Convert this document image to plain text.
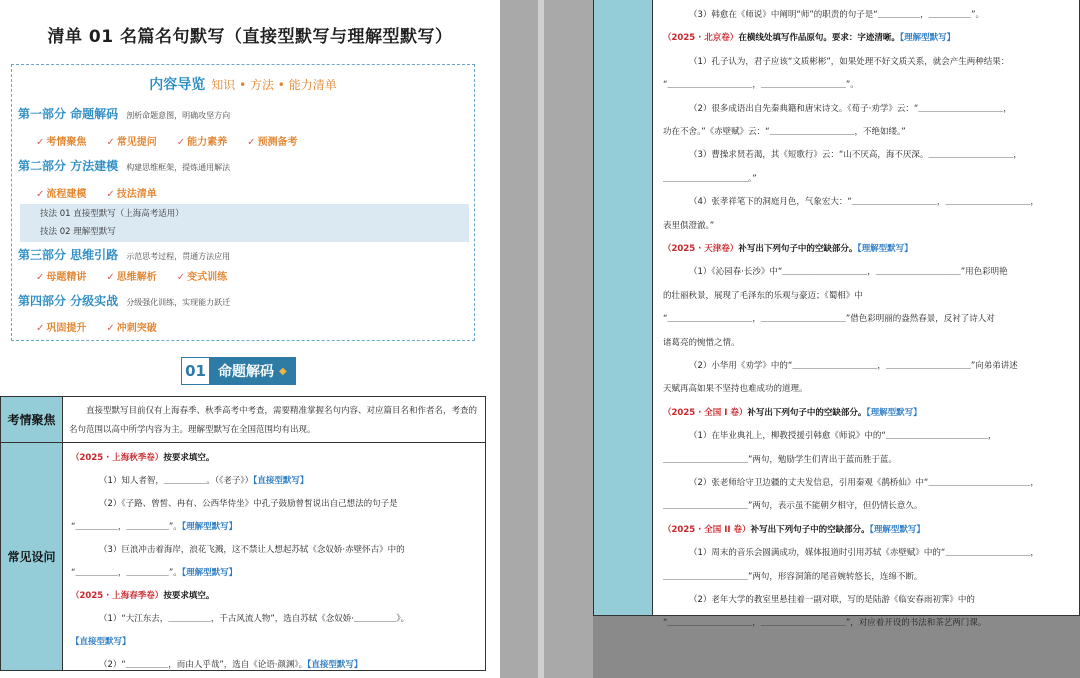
清单 01 名篇名句默写（直接型默写与理解型默写）
内容导览 知识 • 方法 • 能力清单
第一部分 命题解码 剖析命题意图，明确攻坚方向
✓ 考情聚焦	✓ 常见提问	✓ 能力素养	✓ 预测备考
第二部分 方法建模 构建思维框架，提炼通用解法
✓ 流程建模	✓ 技法清单
技法 01 直接型默写（上海高考适用）
技法 02 理解型默写
第三部分 思维引路 示范思考过程，贯通方法应用
✓ 母题精讲	✓ 思维解析	✓ 变式训练
第四部分 分级实战 分级强化训练，实现能力跃迁
✓ 巩固提升	✓ 冲刺突破
01 命题解码 ◆
考情聚焦
直接型默写目前仅有上海春季、秋季高考中考查，需要精准掌握名句内容、对应篇目名和作者名，考查的名句范围以高中所学内容为主。理解型默写在全国范围均有出现。
常见设问
（2025 · 上海秋季卷）按要求填空。
（1）知人者智，＿＿＿＿＿。（《老子》）【直接型默写】
（2）《子路、曾皙、冉有、公西华侍坐》中孔子鼓励曾皙说出自己想法的句子是
“＿＿＿＿＿，＿＿＿＿＿”。【理解型默写】
（3）巨浪冲击着海岸，浪花飞溅，这不禁让人想起苏轼《念奴娇·赤壁怀古》中的
“＿＿＿＿＿，＿＿＿＿＿”。【理解型默写】
（2025 · 上海春季卷）按要求填空。
（1）“大江东去，＿＿＿＿＿，千古风流人物”，选自苏轼《念奴娇·＿＿＿＿＿》。
【直接型默写】
（2）“＿＿＿＿＿，而由人乎哉”，选自《论语·颜渊》。【直接型默写】
（3）韩愈在《师说》中阐明“师”的职责的句子是“＿＿＿＿＿，＿＿＿＿＿”。
（2025 · 北京卷）在横线处填写作品原句。要求：字迹清晰。【理解型默写】
（1）孔子认为，君子应该“文质彬彬”，如果处理不好文质关系，就会产生两种结果：
“＿＿＿＿＿＿＿＿＿＿，＿＿＿＿＿＿＿＿＿＿”。
（2）很多成语出自先秦典籍和唐宋诗文。《荀子·劝学》云：“＿＿＿＿＿＿＿＿＿＿，
功在不舍。”《赤壁赋》云：“＿＿＿＿＿＿＿＿＿＿，不绝如缕。”
（3）曹操求贤若渴，其《短歌行》云：“山不厌高，海不厌深。＿＿＿＿＿＿＿＿＿＿，
＿＿＿＿＿＿＿＿＿＿。”
（4）张孝祥笔下的洞庭月色，气象宏大：“＿＿＿＿＿＿＿＿＿＿，＿＿＿＿＿＿＿＿＿＿，
表里俱澄澈。”
（2025 · 天津卷）补写出下列句子中的空缺部分。【理解型默写】
（1）《沁园春·长沙》中“＿＿＿＿＿＿＿＿＿＿，＿＿＿＿＿＿＿＿＿＿”用色彩明艳
的壮丽秋景，展现了毛泽东的乐观与豪迈；《蜀相》中
“＿＿＿＿＿＿＿＿＿＿，＿＿＿＿＿＿＿＿＿＿”借色彩明丽的盎然春景，反衬了诗人对
诸葛亮的惋惜之情。
（2）小华用《劝学》中的“＿＿＿＿＿＿＿＿＿＿，＿＿＿＿＿＿＿＿＿＿”向弟弟讲述
天赋再高如果不坚持也难成功的道理。
（2025 · 全国 I 卷）补写出下列句子中的空缺部分。【理解型默写】
（1）在毕业典礼上，柳教授援引韩愈《师说》中的“＿＿＿＿＿＿＿＿＿＿＿＿，
＿＿＿＿＿＿＿＿＿＿”两句，勉励学生们青出于蓝而胜于蓝。
（2）张老师给守卫边疆的丈夫发信息，引用秦观《鹊桥仙》中“＿＿＿＿＿＿＿＿＿＿＿＿，
＿＿＿＿＿＿＿＿＿＿”两句，表示虽不能朝夕相守，但仍情长意久。
（2025 · 全国 II 卷）补写出下列句子中的空缺部分。【理解型默写】
（1）周末的音乐会圆满成功，媒体报道时引用苏轼《赤壁赋》中的“＿＿＿＿＿＿＿＿＿＿，
＿＿＿＿＿＿＿＿＿＿”两句，形容洞箫的尾音婉转悠长，连绵不断。
（2）老年大学的教室里悬挂着一副对联，写的是陆游《临安春雨初霁》中的
“＿＿＿＿＿＿＿＿＿＿，＿＿＿＿＿＿＿＿＿＿”，对应着开设的书法和茶艺两门课。
